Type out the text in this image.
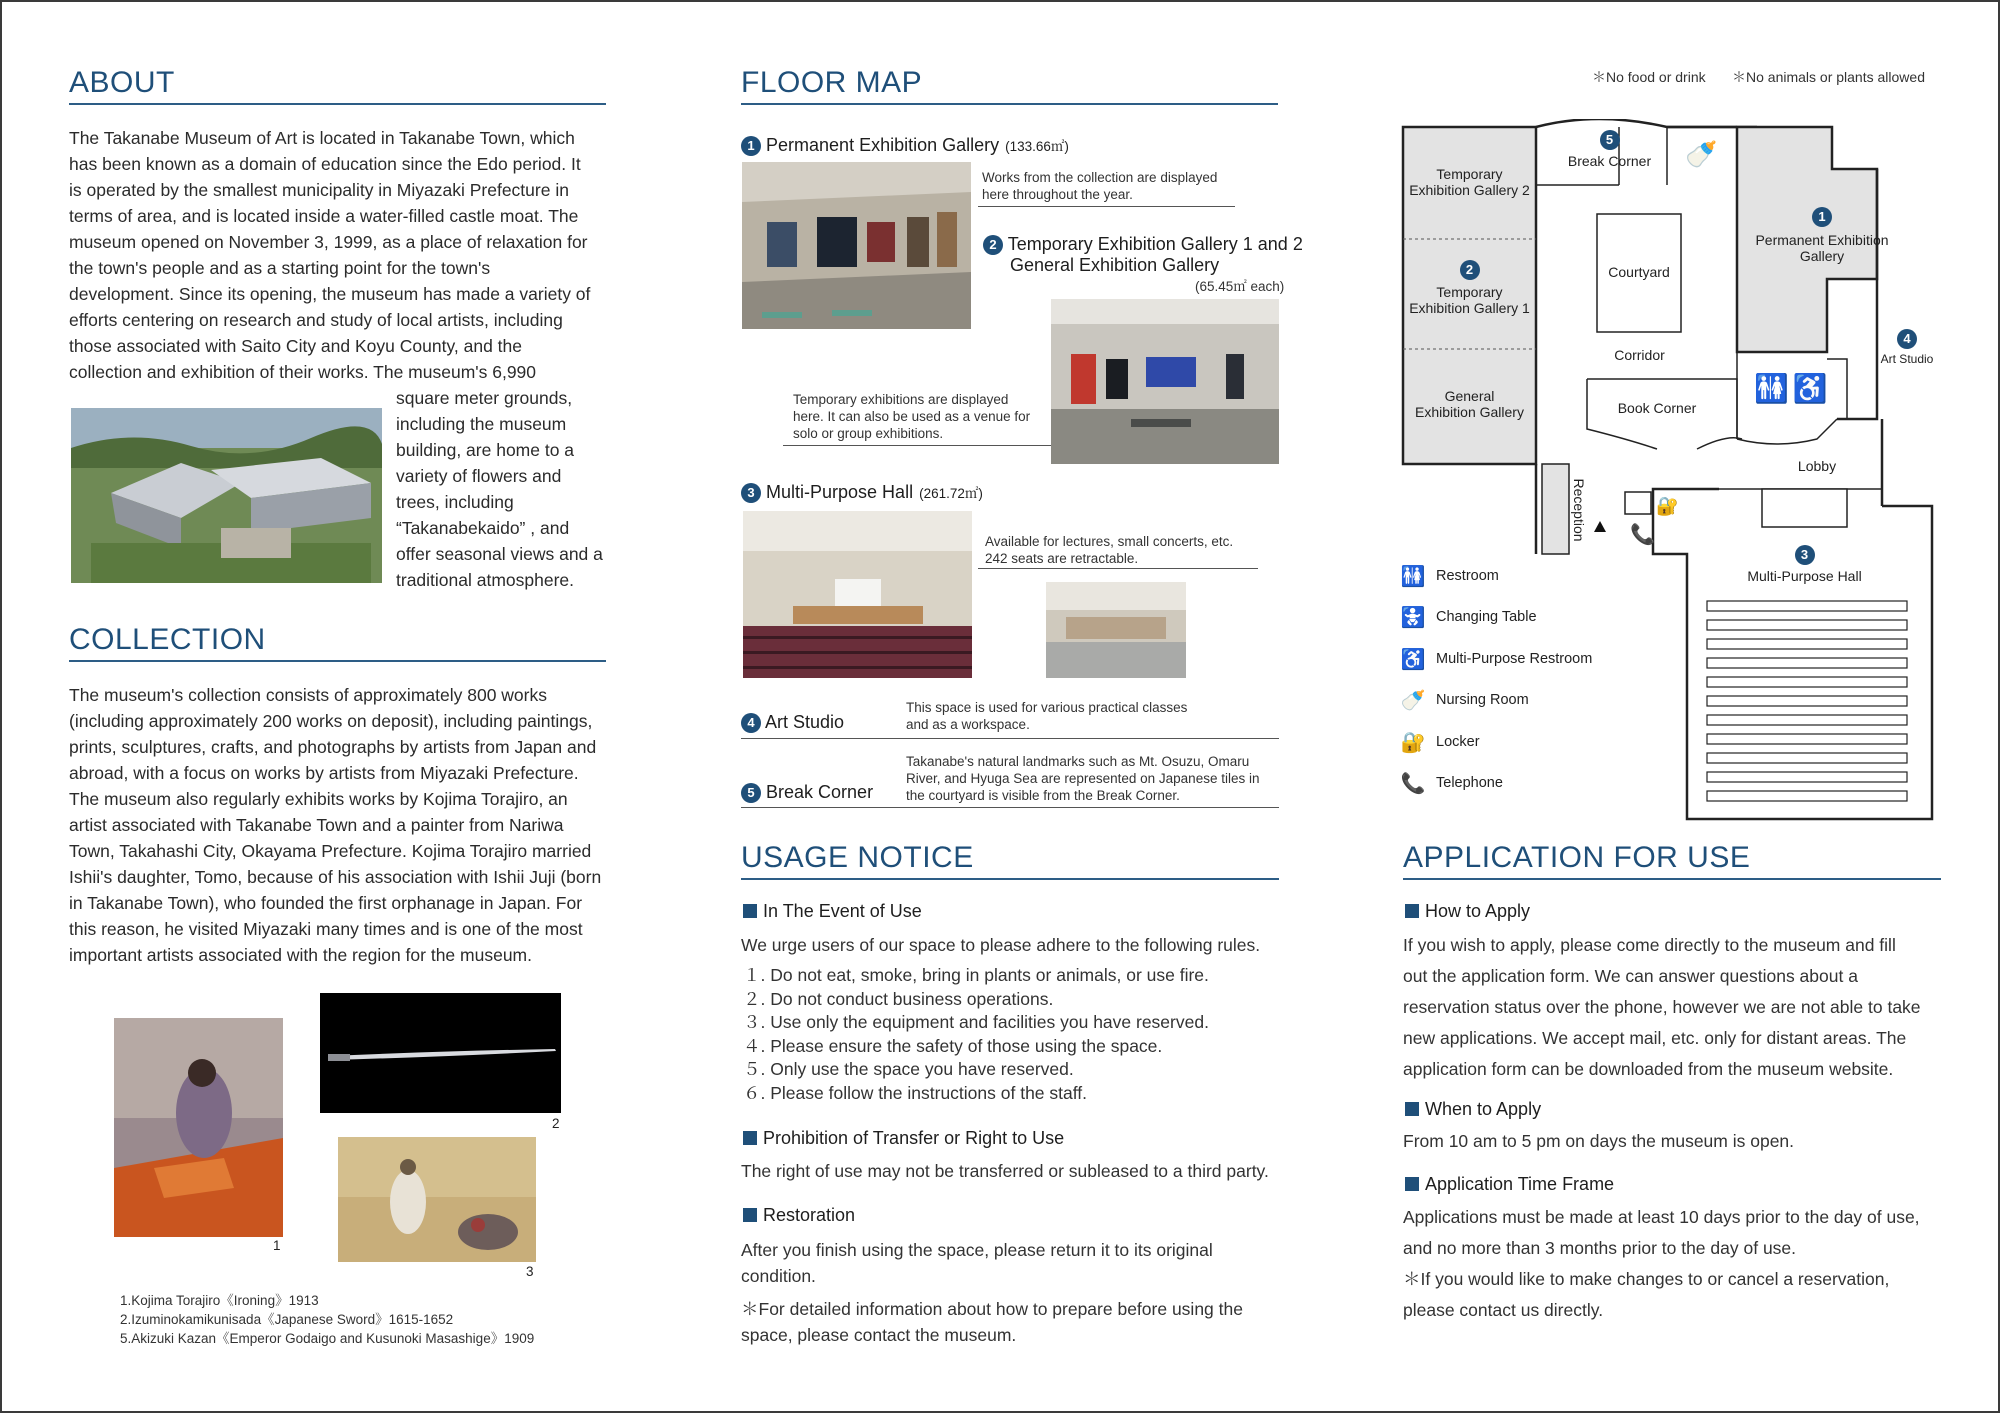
ABOUT
The Takanabe Museum of Art is located in Takanabe Town, which
has been known as a domain of education since the Edo period. It
is operated by the smallest municipality in Miyazaki Prefecture in
terms of area, and is located inside a water-filled castle moat. The
museum opened on November 3, 1999, as a place of relaxation for
the town's people and as a starting point for the town's
development. Since its opening, the museum has made a variety of
efforts centering on research and study of local artists, including
those associated with Saito City and Koyu County, and the
collection and exhibition of their works. The museum's 6,990
square meter grounds,
including the museum
building, are home to a
variety of flowers and
trees, including
“Takanabekaido” , and
offer seasonal views and a
traditional atmosphere.
COLLECTION
The museum's collection consists of approximately 800 works
(including approximately 200 works on deposit), including paintings,
prints, sculptures, crafts, and photographs by artists from Japan and
abroad, with a focus on works by artists from Miyazaki Prefecture.
The museum also regularly exhibits works by Kojima Torajiro, an
artist associated with Takanabe Town and a painter from Nariwa
Town, Takahashi City, Okayama Prefecture. Kojima Torajiro married
Ishii's daughter, Tomo, because of his association with Ishii Juji (born
in Takanabe Town), who founded the first orphanage in Japan. For
this reason, he visited Miyazaki many times and is one of the most
important artists associated with the region for the museum.
1
2
3
1.Kojima Torajiro《Ironing》1913
2.Izuminokamikunisada《Japanese Sword》1615-1652
5.Akizuki Kazan《Emperor Godaigo and Kusunoki Masashige》1909
FLOOR MAP
1 Permanent Exhibition Gallery (133.66㎡)
Works from the collection are displayed
here throughout the year.
2 Temporary Exhibition Gallery 1 and 2
General Exhibition Gallery
(65.45㎡ each)
Temporary exhibitions are displayed
here. It can also be used as a venue for
solo or group exhibitions.
3 Multi-Purpose Hall (261.72㎡)
Available for lectures, small concerts, etc.
242 seats are retractable.
4 Art Studio
This space is used for various practical classes
and as a workspace.
5 Break Corner
Takanabe's natural landmarks such as Mt. Osuzu, Omaru
River, and Hyuga Sea are represented on Japanese tiles in
the courtyard is visible from the Break Corner.
USAGE NOTICE
In The Event of Use
We urge users of our space to please adhere to the following rules.
１. Do not eat, smoke, bring in plants or animals, or use fire.
２. Do not conduct business operations.
３. Use only the equipment and facilities you have reserved.
４. Please ensure the safety of those using the space.
５. Only use the space you have reserved.
６. Please follow the instructions of the staff.
Prohibition of Transfer or Right to Use
The right of use may not be transferred or subleased to a third party.
Restoration
After you finish using the space, please return it to its original
condition.
＊For detailed information about how to prepare before using the
space, please contact the museum.
＊No food or drink ＊No animals or plants allowed
Temporary
Exhibition Gallery 2
2
Temporary
Exhibition Gallery 1
General
Exhibition Gallery
5
Break Corner	🍼
Courtyard
Corridor
Book Corner
1
Permanent Exhibition
Gallery
4
Art Studio
🚻♿
Lobby
Reception 📞
🔐
3
Multi-Purpose Hall
🚻 Restroom
🚼 Changing Table
♿ Multi-Purpose Restroom
🍼 Nursing Room
🔐 Locker
📞 Telephone
APPLICATION FOR USE
How to Apply
If you wish to apply, please come directly to the museum and fill
out the application form. We can answer questions about a
reservation status over the phone, however we are not able to take
new applications. We accept mail, etc. only for distant areas. The
application form can be downloaded from the museum website.
When to Apply
From 10 am to 5 pm on days the museum is open.
Application Time Frame
Applications must be made at least 10 days prior to the day of use,
and no more than 3 months prior to the day of use.
＊If you would like to make changes to or cancel a reservation,
please contact us directly.
